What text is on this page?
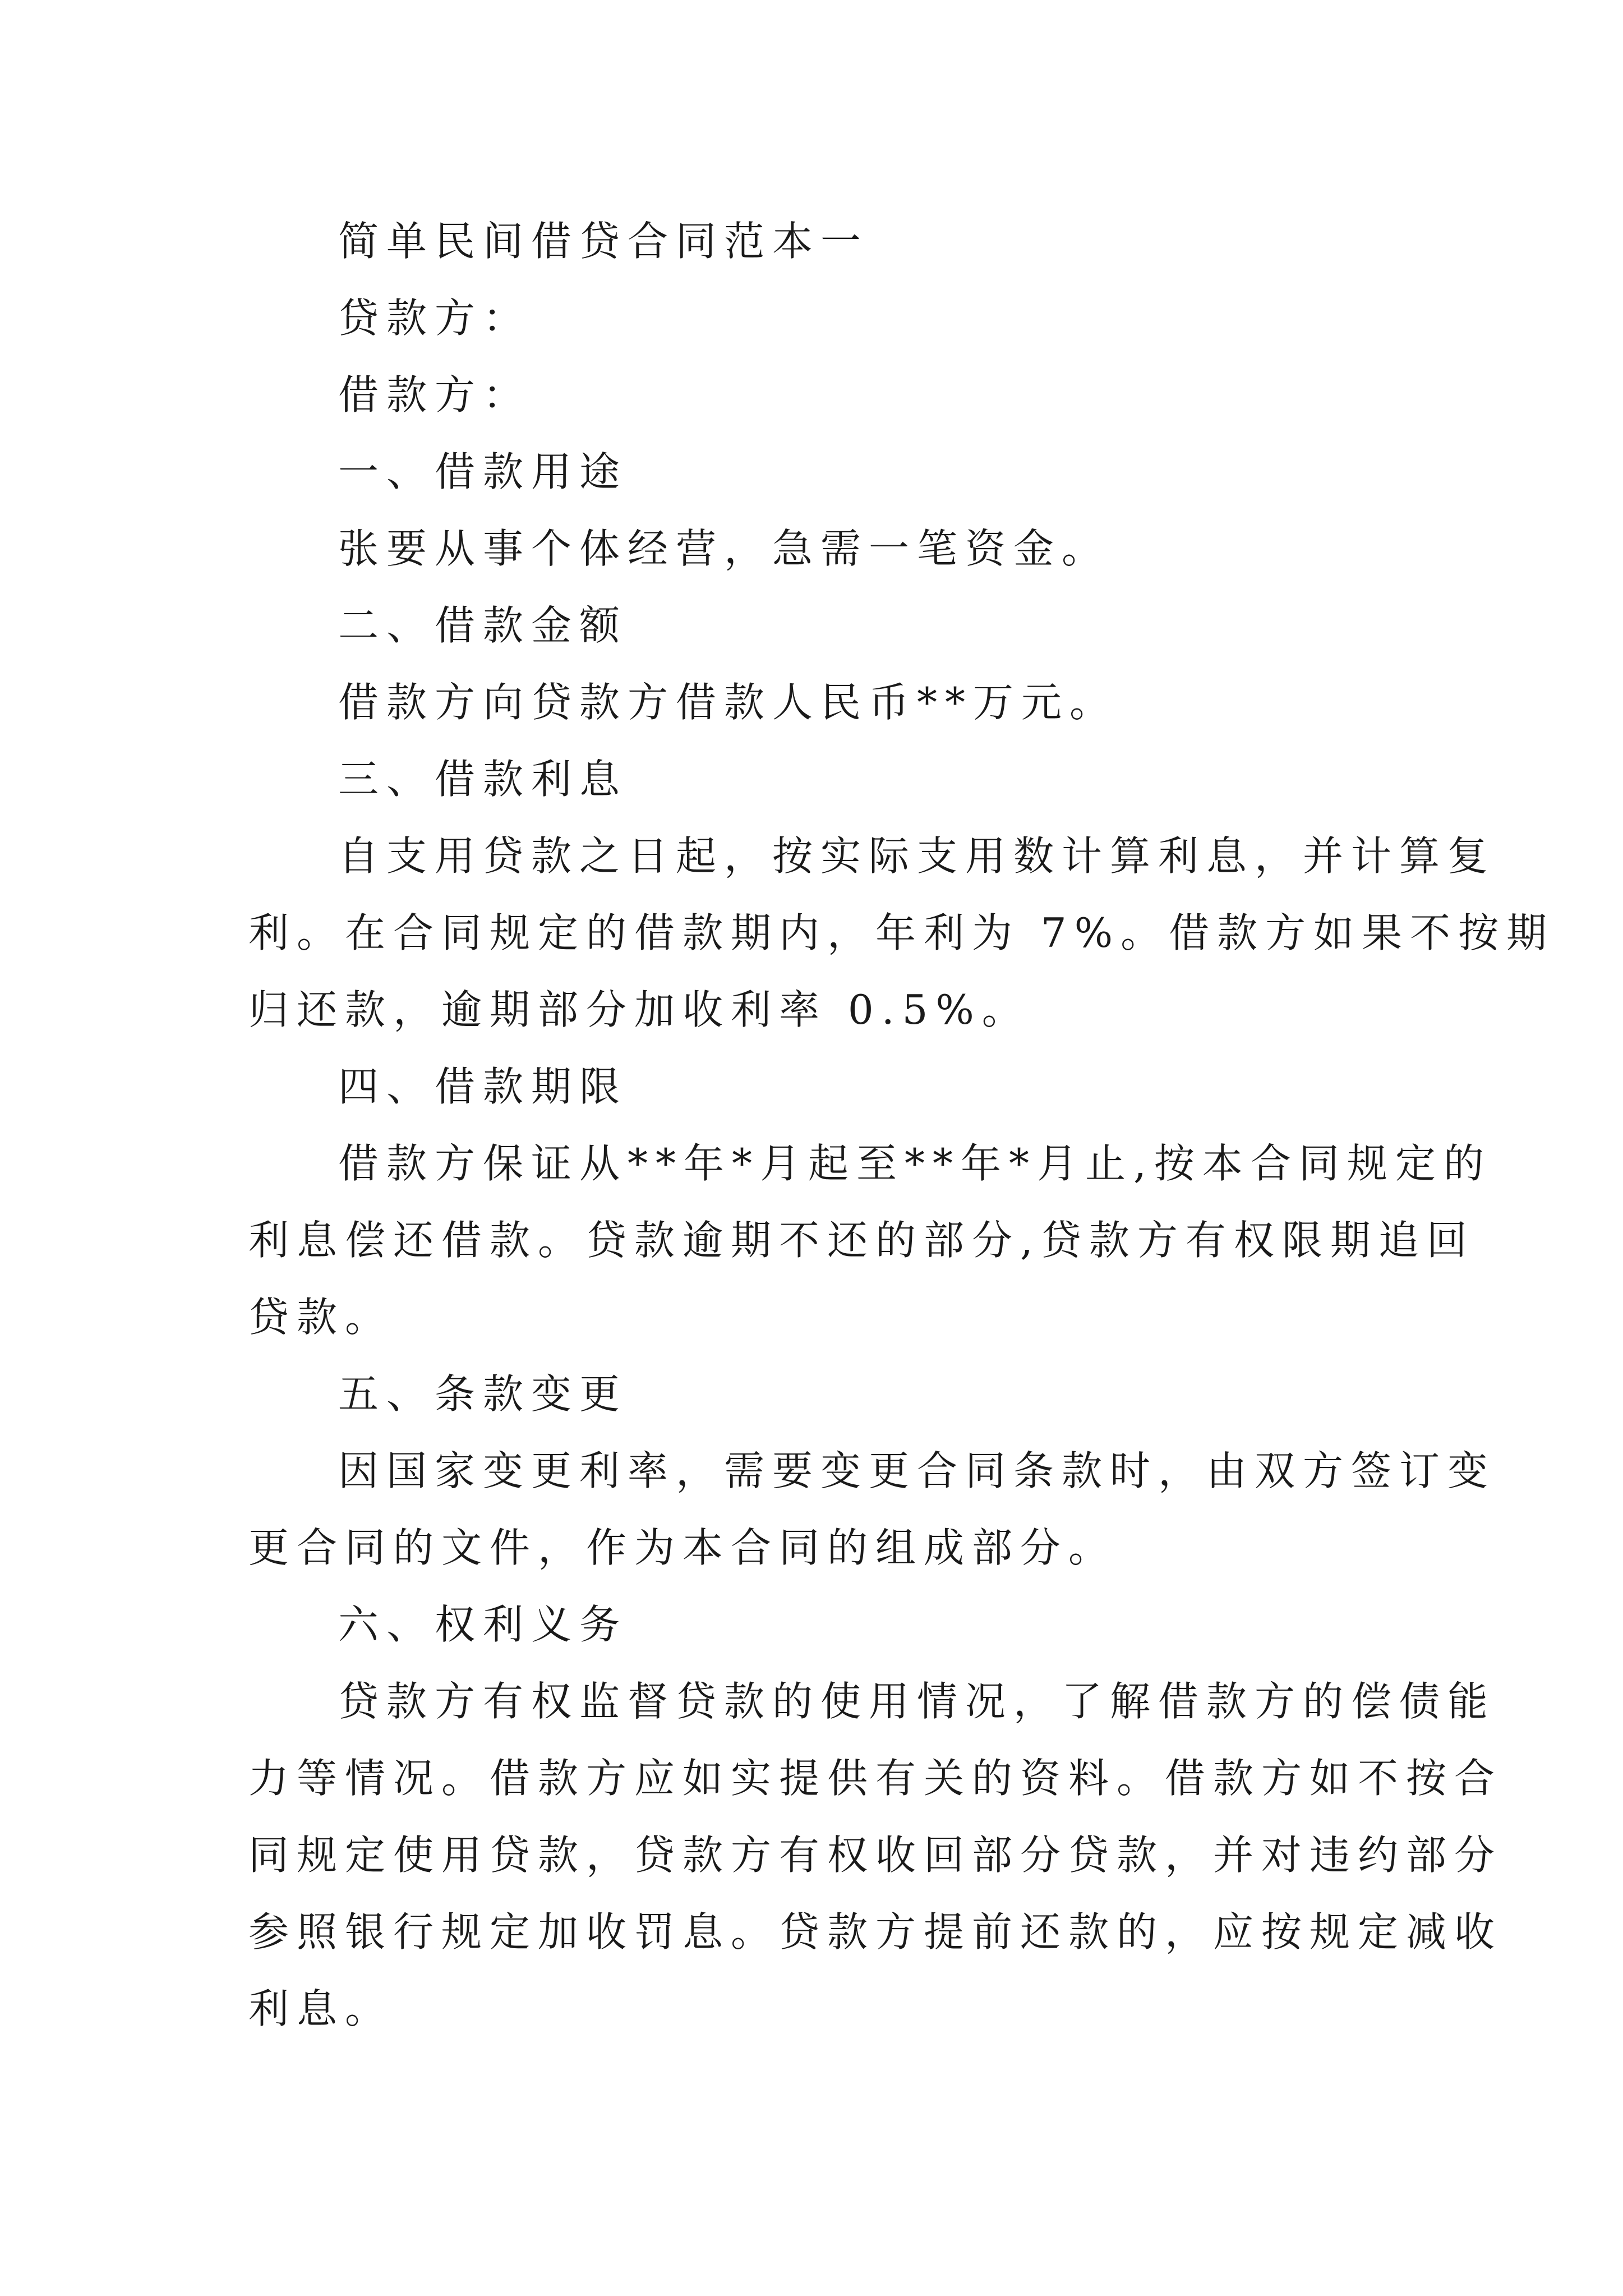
简单民间借贷合同范本一

贷款方：

借款方：

一、借款用途

张要从事个体经营，急需一笔资金。

二、借款金额

借款方向贷款方借款人民币**万元。

三、借款利息

自支用贷款之日起，按实际支用数计算利息，并计算复

利。在合同规定的借款期内，年利为 7%。借款方如果不按期

归还款，逾期部分加收利率 0.5%。

四、借款期限

借款方保证从**年*月起至**年*月止,按本合同规定的

利息偿还借款。贷款逾期不还的部分,贷款方有权限期追回

贷款。

五、条款变更

因国家变更利率，需要变更合同条款时，由双方签订变

更合同的文件，作为本合同的组成部分。

六、权利义务

贷款方有权监督贷款的使用情况，了解借款方的偿债能

力等情况。借款方应如实提供有关的资料。借款方如不按合

同规定使用贷款，贷款方有权收回部分贷款，并对违约部分

参照银行规定加收罚息。贷款方提前还款的，应按规定减收

利息。
